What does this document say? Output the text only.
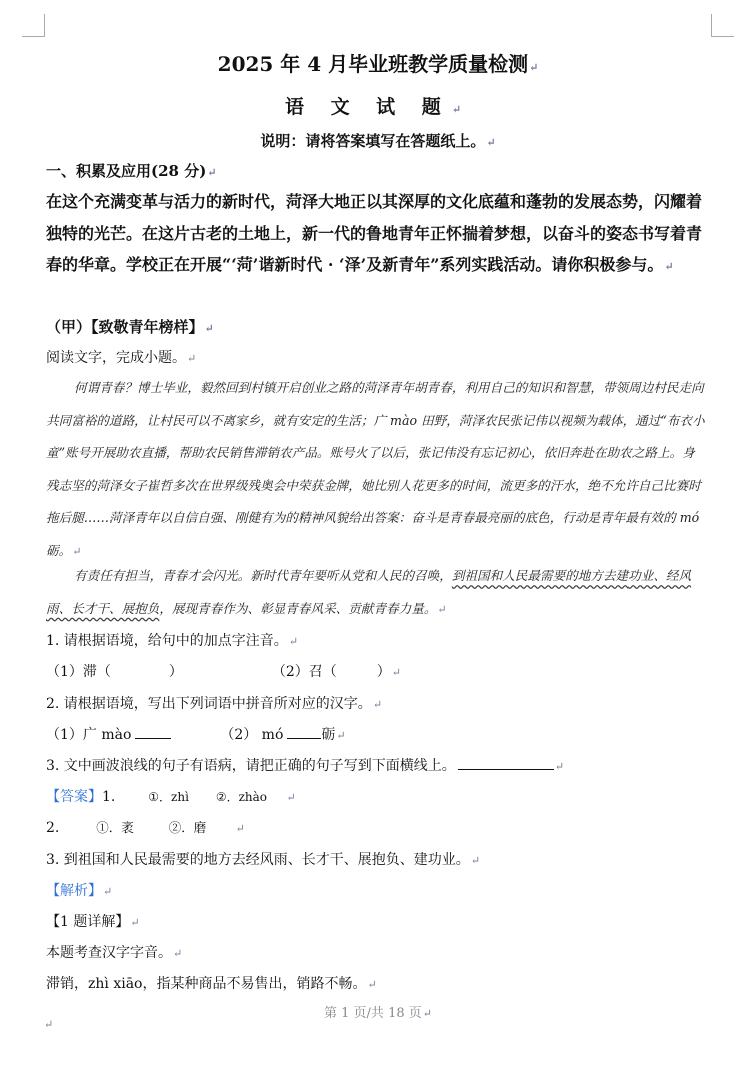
2025 年 4 月毕业班教学质量检测↵
语 文 试 题↵
说明：请将答案填写在答题纸上。↵
一、积累及应用(28 分)↵
在这个充满变革与活力的新时代，菏泽大地正以其深厚的文化底蕴和蓬勃的发展态势，闪耀着独特的光芒。在这片古老的土地上，新一代的鲁地青年正怀揣着梦想，以奋斗的姿态书写着青春的华章。学校正在开展“‘菏’谐新时代 · ‘泽’及新青年”系列实践活动。请你积极参与。↵
（甲）【致敬青年榜样】↵
阅读文字，完成小题。↵
何谓青春？博士毕业，毅然回到村镇开启创业之路的菏泽青年胡青春，利用自己的知识和智慧，带领周边村民走向共同富裕的道路，让村民可以不离家乡，就有安定的生活；广 mào 田野，菏泽农民张记伟以视频为载体，通过“布衣小童”账号开展助农直播，帮助农民销售滞销农产品。账号火了以后，张记伟没有忘记初心，依旧奔赴在助农之路上。身残志坚的菏泽女子崔哲多次在世界级残奥会中荣获金牌，她比别人花更多的时间，流更多的汗水，绝不允许自己比赛时拖后腿……菏泽青年以自信自强、刚健有为的精神风貌给出答案：奋斗是青春最亮丽的底色，行动是青年最有效的 mó 砺。↵
有责任有担当，青春才会闪光。新时代青年要听从党和人民的召唤，到祖国和人民最需要的地方去建功业、经风雨、长才干、展抱负，展现青春作为、彰显青春风采、贡献青春力量。↵
1. 请根据语境，给句中的加点字注音。↵
（1）滞（	）	（2）召（	）↵
2. 请根据语境，写出下列词语中拼音所对应的汉字。↵
（1）广 mào	（2） mó	砺↵
3. 文中画波浪线的句子有语病，请把正确的句子写到下面横线上。	↵
【答案】1.	①．zhì ②．zhào ↵
2.	①．袤	②．磨	↵
3. 到祖国和人民最需要的地方去经风雨、长才干、展抱负、建功业。↵
【解析】↵
【1 题详解】↵
本题考查汉字字音。↵
滞销，zhì xiāo，指某种商品不易售出，销路不畅。↵
第 1 页/共 18 页↵
↵
